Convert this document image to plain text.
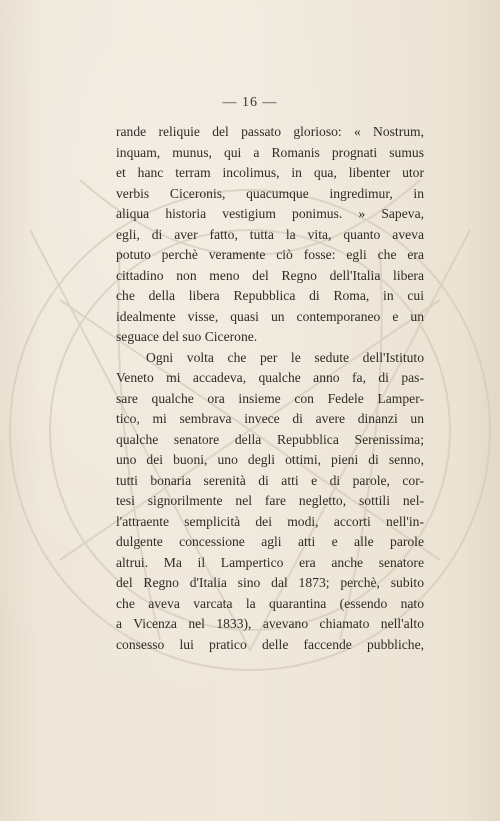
— 16 —
rande reliquie del passato glorioso: « Nostrum,
inquam, munus, qui a Romanis prognati sumus
et hanc terram incolimus, in qua, libenter utor
verbis Ciceronis, quacumque ingredimur, in
aliqua historia vestigium ponimus. » Sapeva,
egli, di aver fatto, tutta la vita, quanto aveva
potuto perchè veramente ciò fosse: egli che era
cittadino non meno del Regno dell'Italia libera
che della libera Repubblica di Roma, in cui
idealmente visse, quasi un contemporaneo e un
seguace del suo Cicerone.
Ogni volta che per le sedute dell'Istituto
Veneto mi accadeva, qualche anno fa, di pas-
sare qualche ora insieme con Fedele Lamper-
tico, mi sembrava invece di avere dinanzi un
qualche senatore della Repubblica Serenissima;
uno dei buoni, uno degli ottimi, pieni di senno,
tutti bonaria serenità di atti e di parole, cor-
tesi signorilmente nel fare negletto, sottili nel-
l'attraente semplicità dei modi, accorti nell'in-
dulgente concessione agli atti e alle parole
altrui. Ma il Lampertico era anche senatore
del Regno d'Italia sino dal 1873; perchè, subito
che aveva varcata la quarantina (essendo nato
a Vicenza nel 1833), avevano chiamato nell'alto
consesso lui pratico delle faccende pubbliche,
